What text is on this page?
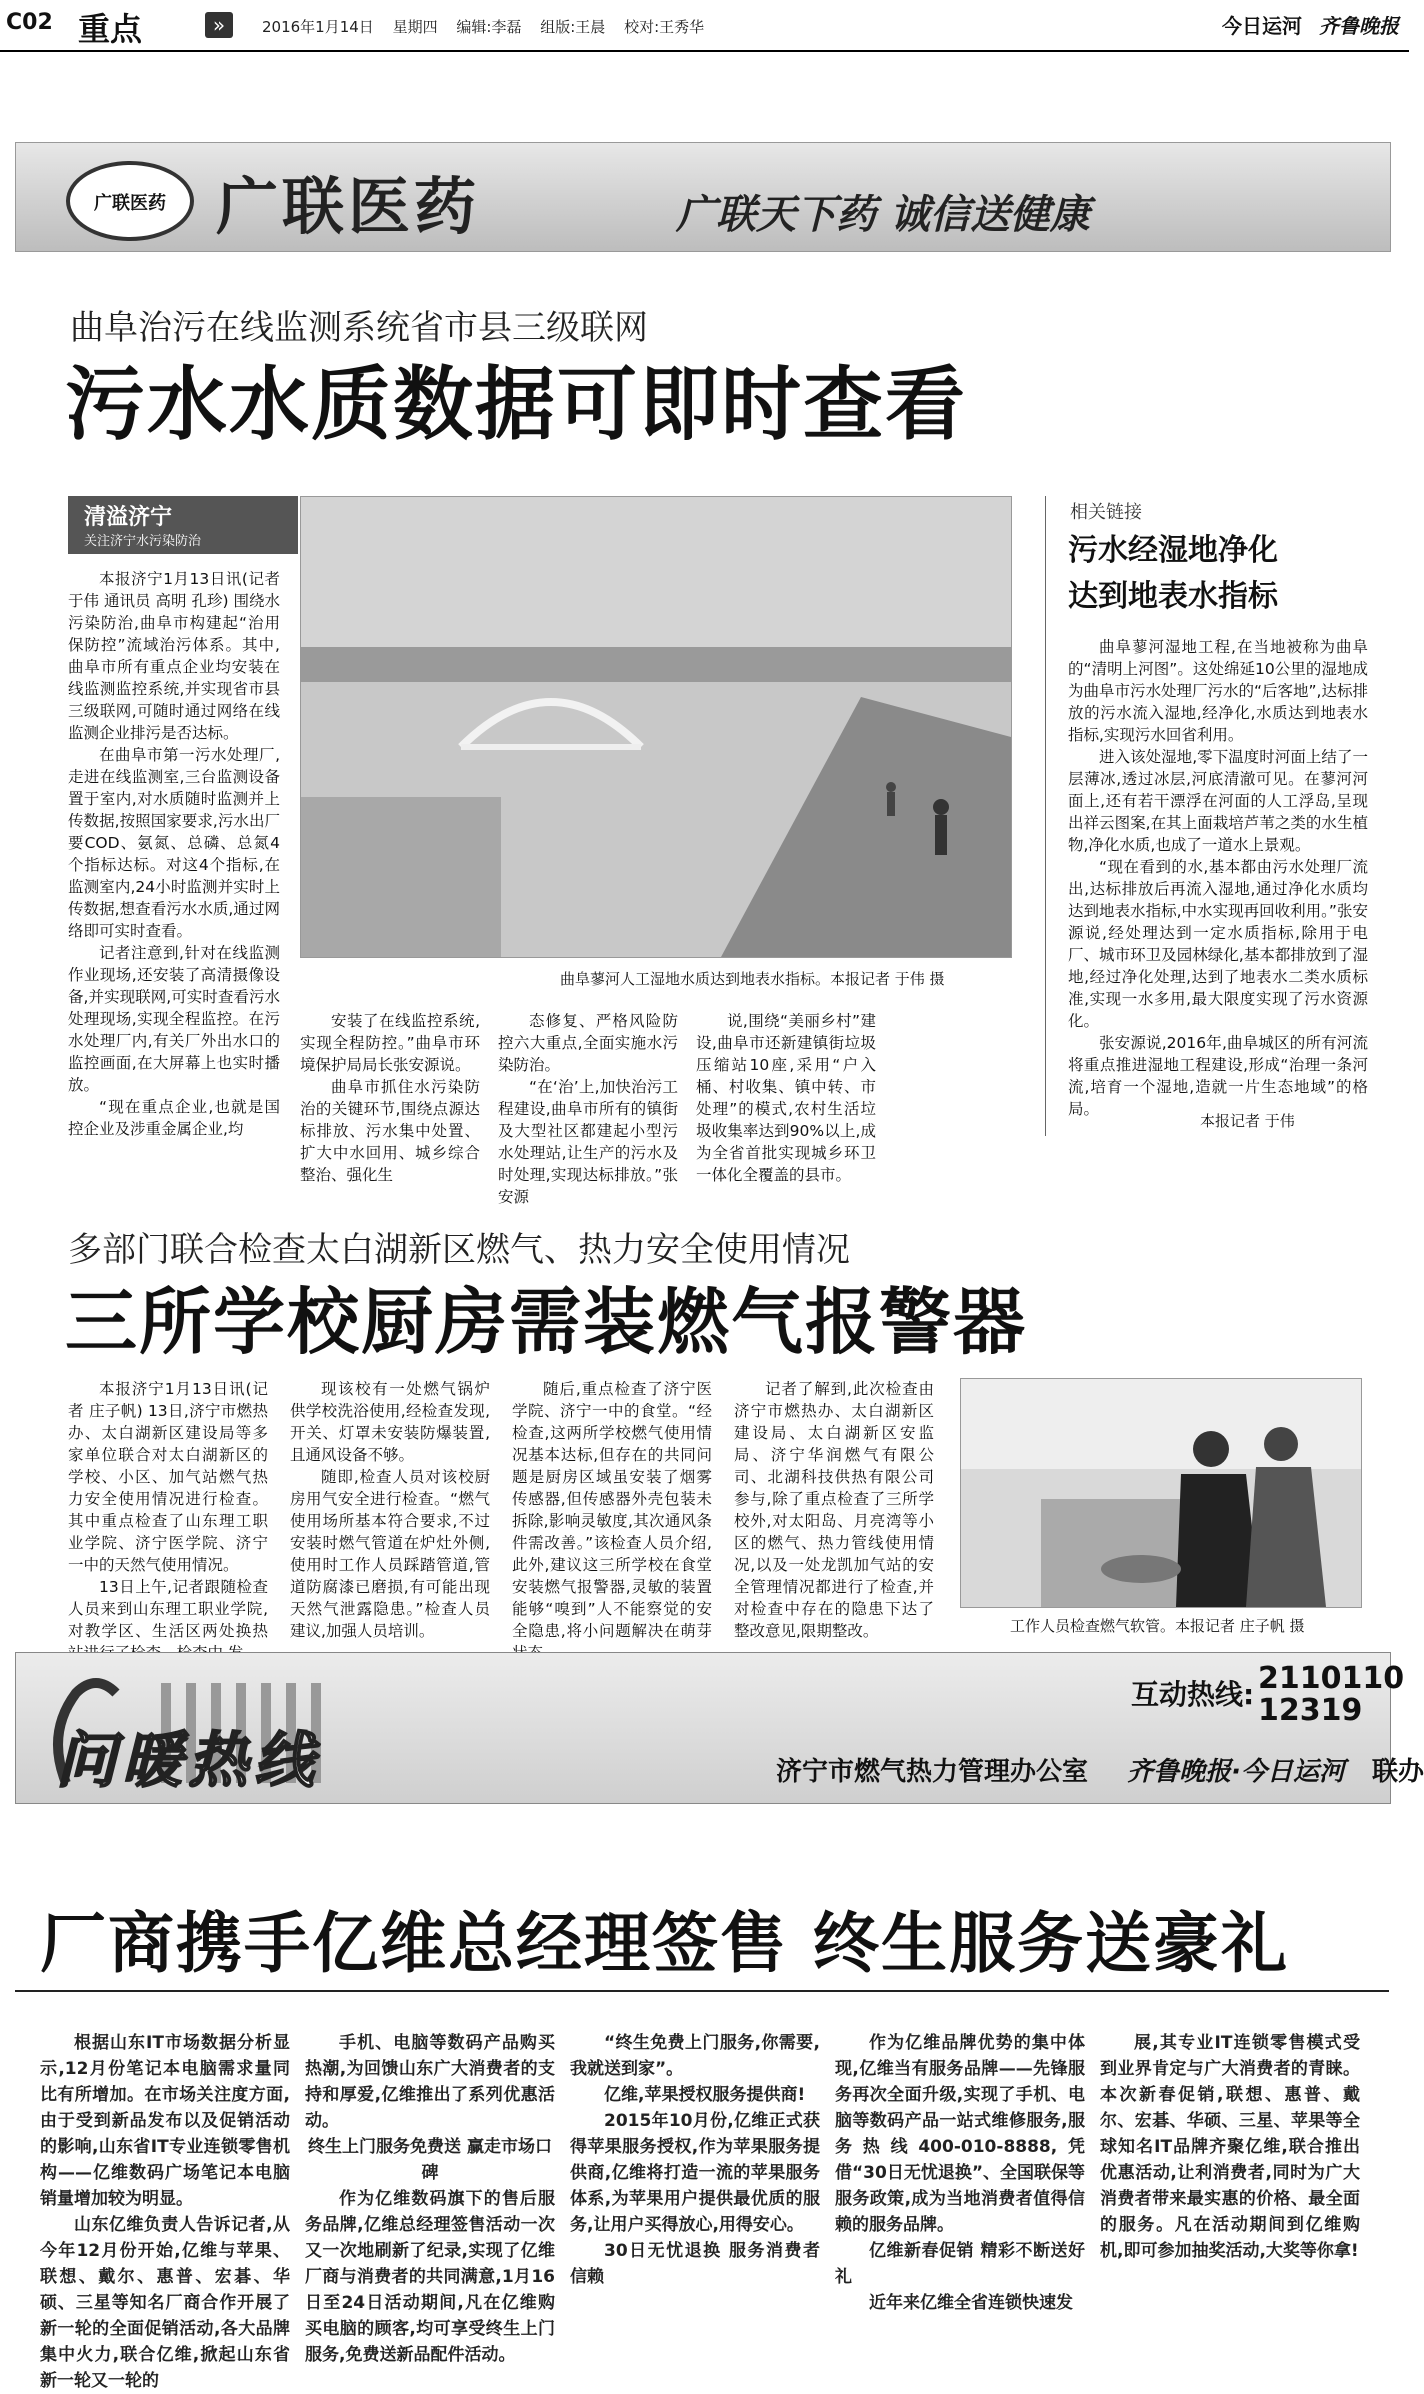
C02 重点	»	2016年1月14日 星期四 编辑:李磊 组版:王晨 校对:王秀华	今日运河 齐鲁晚报
广联医药 广联医药	广联天下药 诚信送健康
曲阜治污在线监测系统省市县三级联网
污水水质数据可即时查看
清溢济宁
关注济宁水污染防治

本报济宁1月13日讯(记者 于伟 通讯员 高明 孔珍) 围绕水污染防治,曲阜市构建起“治用保防控”流域治污体系。其中,曲阜市所有重点企业均安装在线监测监控系统,并实现省市县三级联网,可随时通过网络在线监测企业排污是否达标。

在曲阜市第一污水处理厂,走进在线监测室,三台监测设备置于室内,对水质随时监测并上传数据,按照国家要求,污水出厂要COD、氨氮、总磷、总氮4个指标达标。对这4个指标,在监测室内,24小时监测并实时上传数据,想查看污水水质,通过网络即可实时查看。

记者注意到,针对在线监测作业现场,还安装了高清摄像设备,并实现联网,可实时查看污水处理现场,实现全程监控。在污水处理厂内,有关厂外出水口的监控画面,在大屏幕上也实时播放。

“现在重点企业,也就是国控企业及涉重金属企业,均

曲阜蓼河人工湿地水质达到地表水指标。本报记者 于伟 摄

安装了在线监控系统,实现全程防控。”曲阜市环境保护局局长张安源说。

曲阜市抓住水污染防治的关键环节,围绕点源达标排放、污水集中处置、扩大中水回用、城乡综合整治、强化生

态修复、严格风险防控六大重点,全面实施水污染防治。

“在‘治’上,加快治污工程建设,曲阜市所有的镇街及大型社区都建起小型污水处理站,让生产的污水及时处理,实现达标排放。”张安源

说,围绕“美丽乡村”建设,曲阜市还新建镇街垃圾压缩站10座,采用“户入桶、村收集、镇中转、市处理”的模式,农村生活垃圾收集率达到90%以上,成为全省首批实现城乡环卫一体化全覆盖的县市。

相关链接
污水经湿地净化
达到地表水指标

曲阜蓼河湿地工程,在当地被称为曲阜的“清明上河图”。这处绵延10公里的湿地成为曲阜市污水处理厂污水的“后客地”,达标排放的污水流入湿地,经净化,水质达到地表水指标,实现污水回省利用。

进入该处湿地,零下温度时河面上结了一层薄冰,透过冰层,河底清澈可见。在蓼河河面上,还有若干漂浮在河面的人工浮岛,呈现出祥云图案,在其上面栽培芦苇之类的水生植物,净化水质,也成了一道水上景观。

“现在看到的水,基本都由污水处理厂流出,达标排放后再流入湿地,通过净化水质均达到地表水指标,中水实现再回收利用。”张安源说,经处理达到一定水质指标,除用于电厂、城市环卫及园林绿化,基本都排放到了湿地,经过净化处理,达到了地表水二类水质标准,实现一水多用,最大限度实现了污水资源化。

张安源说,2016年,曲阜城区的所有河流将重点推进湿地工程建设,形成“治理一条河流,培育一个湿地,造就一片生态地域”的格局。

本报记者 于伟
多部门联合检查太白湖新区燃气、热力安全使用情况
三所学校厨房需装燃气报警器

本报济宁1月13日讯(记者 庄子帆) 13日,济宁市燃热办、太白湖新区建设局等多家单位联合对太白湖新区的学校、小区、加气站燃气热力安全使用情况进行检查。其中重点检查了山东理工职业学院、济宁医学院、济宁一中的天然气使用情况。

13日上午,记者跟随检查人员来到山东理工职业学院,对教学区、生活区两处换热

现该校有一处燃气锅炉供学校洗浴使用,经检查发现,开关、灯罩未安装防爆装置,且通风设备不够。

随即,检查人员对该校厨房用气安全进行检查。“燃气使用场所基本符合要求,不过安装时燃气管道在炉灶外侧,使用时工作人员踩踏管道,管道防腐漆已磨损,有可能出现天然气泄露隐患。”检查人员建议,加强人员培训。

随后,重点检查了济宁医学院、济宁一中的食堂。“经检查,这两所学校燃气使用情况基本达标,但存在的共同问题是厨房区域虽安装了烟雾传感器,但传感器外壳包装未拆除,影响灵敏度,其次通风条件需改善。”该检查人员介绍,此外,建议这三所学校在食堂安装燃气报警器,灵敏的装置能够“嗅到”人不能察觉的安全隐患,将小问题解决在萌芽

记者了解到,此次检查由济宁市燃热办、太白湖新区建设局、太白湖新区安监局、济宁华润燃气有限公司、北湖科技供热有限公司参与,除了重点检查了三所学校外,对太阳岛、月亮湾等小区的燃气、热力管线使用情况,以及一处龙凯加气站的安全管理情况都进行了检查,并对检查中存在的隐患下达了整改意见,限期整改。	工作人员检查燃气软管。本报记者 庄子帆 摄
问暖热线
互动热线: 2110110
12319
济宁市燃气热力管理办公室 齐鲁晚报·今日运河 联办
厂商携手亿维总经理签售 终生服务送豪礼

根据山东IT市场数据分析显示,12月份笔记本电脑需求量同比有所增加。在市场关注度方面,由于受到新品发布以及促销活动的影响,山东省IT专业连锁零售机构——亿维数码广场笔记本电脑销量增加较为明显。

山东亿维负责人告诉记者,从今年12月份开始,亿维与苹果、联想、戴尔、惠普、宏碁、华硕、三星等知名厂商合作开展了新一轮的全面促销活动,各大品牌集中火力,联合亿维,掀起山东省新一轮又一轮的

手机、电脑等数码产品购买热潮,为回馈山东广大消费者的支持和厚爱,亿维推出了系列优惠活动。

终生上门服务免费送 赢走市场口碑

作为亿维数码旗下的售后服务品牌,亿维总经理签售活动一次又一次地刷新了纪录,实现了亿维厂商与消费者的共同满意,1月16日至24日活动期间,凡在亿维购买电脑的顾客,均可享受终生上门服务,免费送新品配件活动。

“终生免费上门服务,你需要,我就送到家”。

亿维,苹果授权服务提供商!

2015年10月份,亿维正式获得苹果服务授权,作为苹果服务提供商,亿维将打造一流的苹果服务体系,为苹果用户提供最优质的服务,让用户买得放心,用得安心。

30日无忧退换 服务消费者信赖

作为亿维品牌优势的集中体现,亿维当有服务品牌——先锋服务再次全面升级,实现了手机、电脑等数码产品一站式维修服务,服务热线400-010-8888,凭借“30日无忧退换”、全国联保等服务政策,成为当地消费者值得信赖的服务品牌。

亿维新春促销 精彩不断送好礼

近年来亿维全省连锁快速发

展,其专业IT连锁零售模式受到业界肯定与广大消费者的青睐。本次新春促销,联想、惠普、戴尔、宏碁、华硕、三星、苹果等全球知名IT品牌齐聚亿维,联合推出优惠活动,让利消费者,同时为广大消费者带来最实惠的价格、最全面的服务。凡在活动期间到亿维购机,即可参加抽奖活动,大奖等你拿!
